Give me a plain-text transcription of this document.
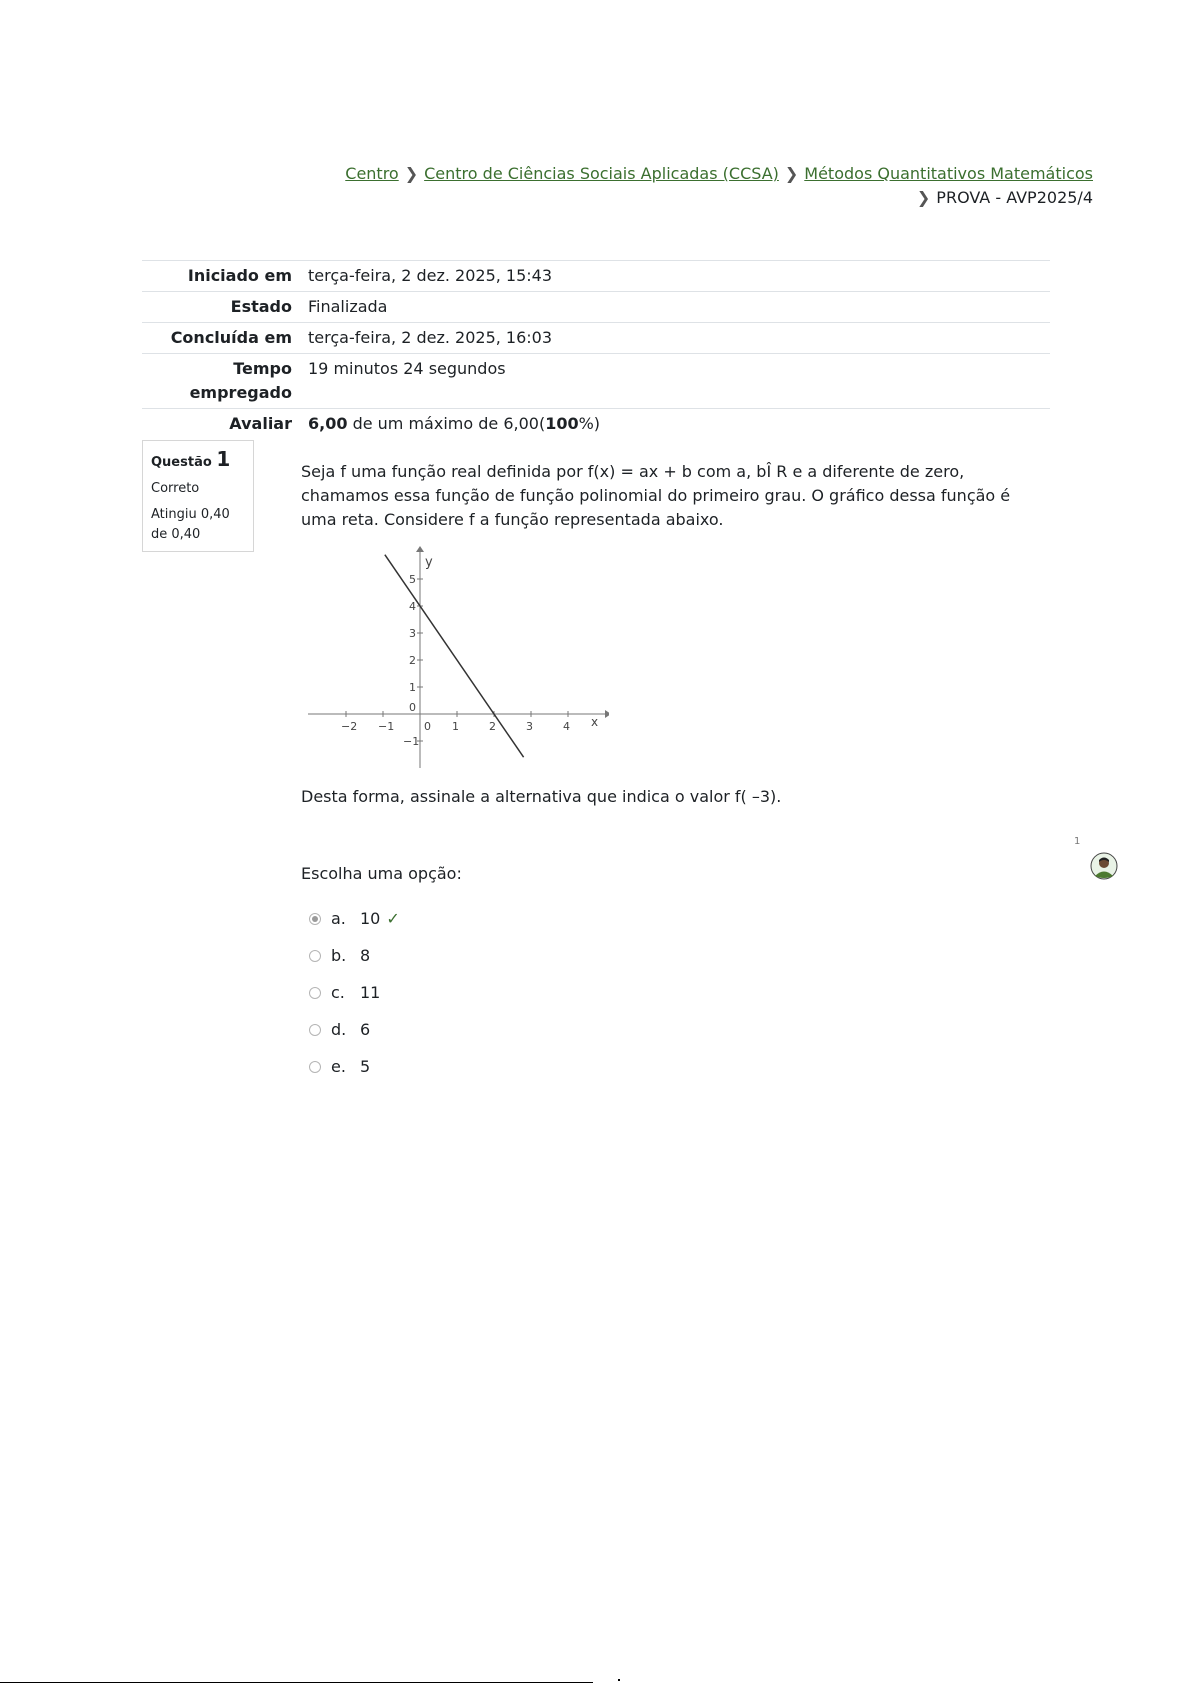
Centro ❯ Centro de Ciências Sociais Aplicadas (CCSA) ❯ Métodos Quantitativos Matemáticos
❯ PROVA - AVP2025/4
Iniciado em	terça-feira, 2 dez. 2025, 15:43
Estado	Finalizada
Concluída em	terça-feira, 2 dez. 2025, 16:03
Tempo empregado	19 minutos 24 segundos
Avaliar	6,00 de um máximo de 6,00(100%)
Questão 1
Correto
Atingiu 0,40 de 0,40
Seja f uma função real definida por f(x) = ax + b com a, bÎ R e a diferente de zero, chamamos essa função de função polinomial do primeiro grau. O gráfico dessa função é uma reta. Considere f a função representada abaixo.
−2 −1	0 1	2	3	4
5
4
3
2
1
−1
0
x
y
Desta forma, assinale a alternativa que indica o valor f( –3).
Escolha uma opção:
a. 10 ✓
b. 8
c. 11
d. 6
e. 5
1
